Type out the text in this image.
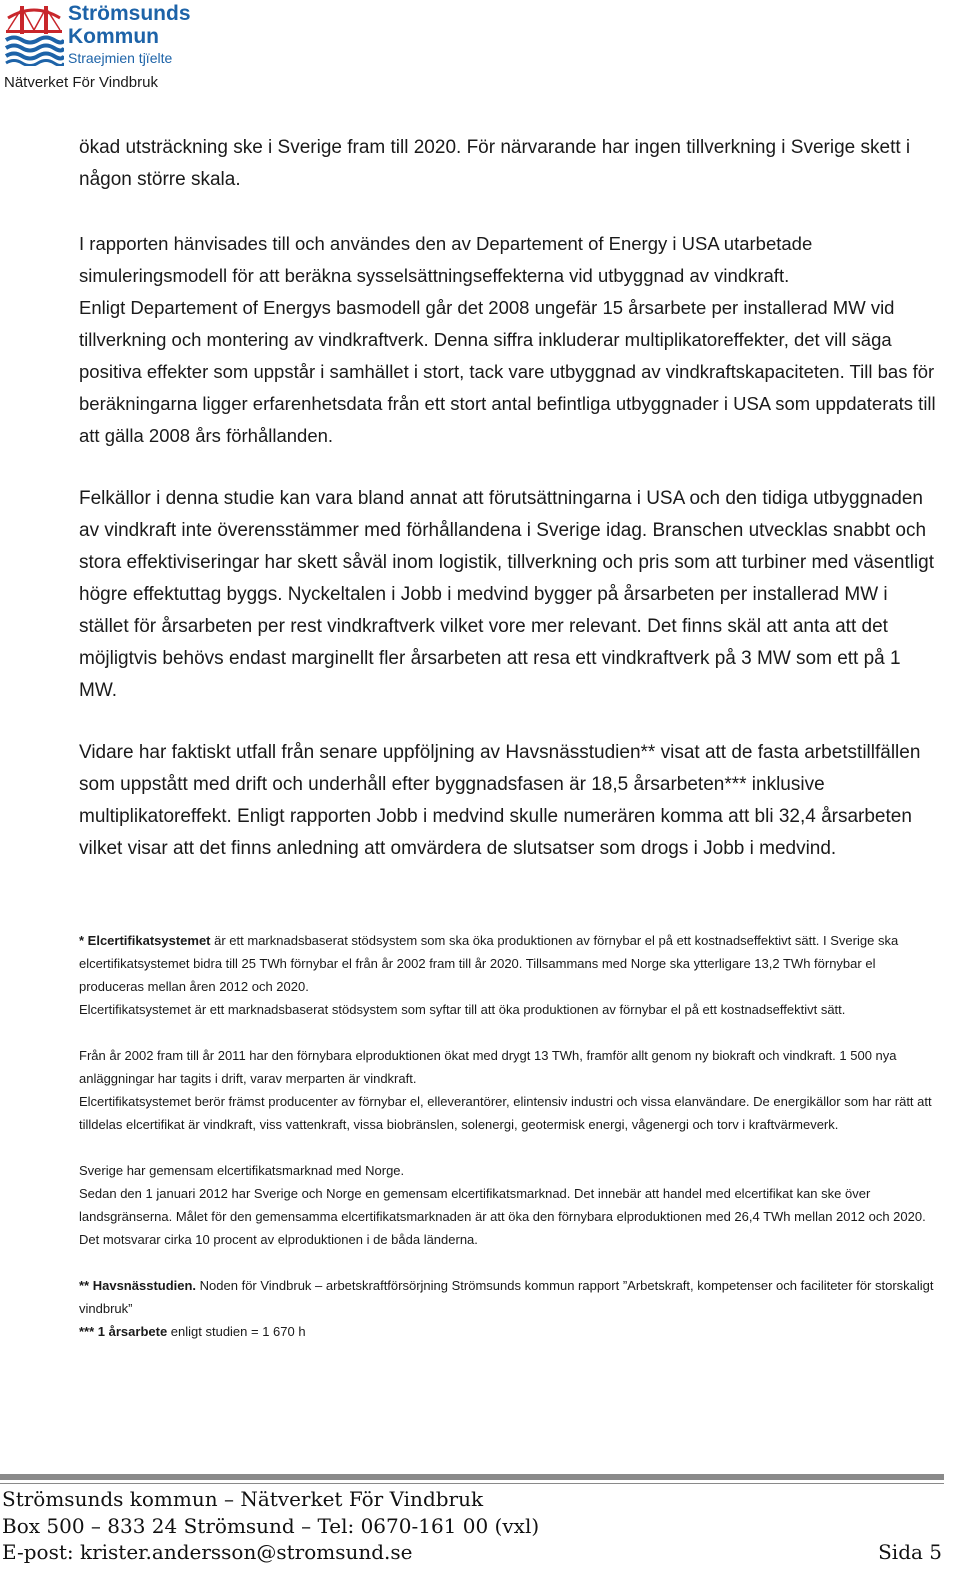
Strömsunds
Kommun
Straejmien tjïelte
Nätverket För Vindbruk

ökad utsträckning ske i Sverige fram till 2020. För närvarande har ingen tillverkning i Sverige skett i någon större skala.

I rapporten hänvisades till och användes den av Departement of Energy i USA utarbetade simuleringsmodell för att beräkna sysselsättningseffekterna vid utbyggnad av vindkraft.

Enligt Departement of Energys basmodell går det 2008 ungefär 15 årsarbete per installerad MW vid tillverkning och montering av vindkraftverk. Denna siffra inkluderar multiplikatoreffekter, det vill säga positiva effekter som uppstår i samhället i stort, tack vare utbyggnad av vindkraftskapaciteten. Till bas för beräkningarna ligger erfarenhetsdata från ett stort antal befintliga utbyggnader i USA som uppdaterats till att gälla 2008 års förhållanden.

Felkällor i denna studie kan vara bland annat att förutsättningarna i USA och den tidiga utbyggnaden av vindkraft inte överensstämmer med förhållandena i Sverige idag. Branschen utvecklas snabbt och stora effektiviseringar har skett såväl inom logistik, tillverkning och pris som att turbiner med väsentligt högre effektuttag byggs. Nyckeltalen i Jobb i medvind bygger på årsarbeten per installerad MW i stället för årsarbeten per rest vindkraftverk vilket vore mer relevant. Det finns skäl att anta att det möjligtvis behövs endast marginellt fler årsarbeten att resa ett vindkraftverk på 3 MW som ett på 1 MW.

Vidare har faktiskt utfall från senare uppföljning av Havsnässtudien** visat att de fasta arbetstillfällen som uppstått med drift och underhåll efter byggnadsfasen är 18,5 årsarbeten*** inklusive multiplikatoreffekt. Enligt rapporten Jobb i medvind skulle numerären komma att bli 32,4 årsarbeten vilket visar att det finns anledning att omvärdera de slutsatser som drogs i Jobb i medvind.

* Elcertifikatsystemet är ett marknadsbaserat stödsystem som ska öka produktionen av förnybar el på ett kostnadseffektivt sätt. I Sverige ska elcertifikatsystemet bidra till 25 TWh förnybar el från år 2002 fram till år 2020. Tillsammans med Norge ska ytterligare 13,2 TWh förnybar el produceras mellan åren 2012 och 2020.

Elcertifikatsystemet är ett marknadsbaserat stödsystem som syftar till att öka produktionen av förnybar el på ett kostnadseffektivt sätt.

Från år 2002 fram till år 2011 har den förnybara elproduktionen ökat med drygt 13 TWh, framför allt genom ny biokraft och vindkraft. 1 500 nya anläggningar har tagits i drift, varav merparten är vindkraft.

Elcertifikatsystemet berör främst producenter av förnybar el, elleverantörer, elintensiv industri och vissa elanvändare. De energikällor som har rätt att tilldelas elcertifikat är vindkraft, viss vattenkraft, vissa biobränslen, solenergi, geotermisk energi, vågenergi och torv i kraftvärmeverk.

Sverige har gemensam elcertifikatsmarknad med Norge.

Sedan den 1 januari 2012 har Sverige och Norge en gemensam elcertifikatsmarknad. Det innebär att handel med elcertifikat kan ske över landsgränserna. Målet för den gemensamma elcertifikatsmarknaden är att öka den förnybara elproduktionen med 26,4 TWh mellan 2012 och 2020. Det motsvarar cirka 10 procent av elproduktionen i de båda länderna.

** Havsnässtudien. Noden för Vindbruk – arbetskraftförsörjning Strömsunds kommun rapport ”Arbetskraft, kompetenser och faciliteter för storskaligt vindbruk”

*** 1 årsarbete enligt studien = 1 670 h

Strömsunds kommun – Nätverket För Vindbruk

Box 500 – 833 24 Strömsund – Tel: 0670-161 00 (vxl)

E-post: krister.andersson@stromsund.se	Sida 5
